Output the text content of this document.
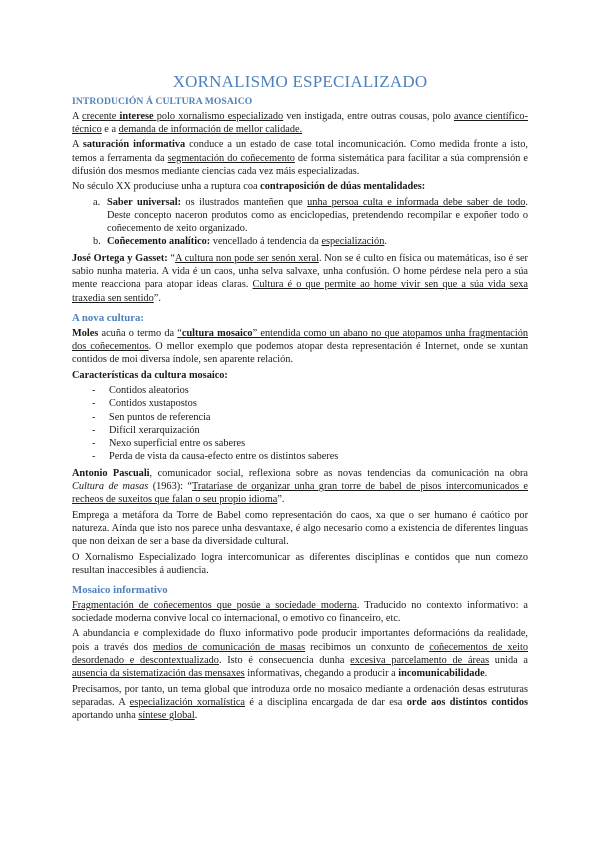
XORNALISMO ESPECIALIZADO
INTRODUCIÓN Á CULTURA MOSAICO

A crecente interese polo xornalismo especializado ven instigada, entre outras cousas, polo avance científico-técnico e a demanda de información de mellor calidade.

A saturación informativa conduce a un estado de case total incomunicación. Como medida fronte a isto, temos a ferramenta da segmentación do coñecemento de forma sistemática para facilitar a súa comprensión e difusión dos mesmos mediante ciencias cada vez máis especializadas.

No século XX produciuse unha a ruptura coa contraposición de dúas mentalidades:

a. Saber universal: os ilustrados manteñen que unha persoa culta e informada debe saber de todo. Deste concepto naceron produtos como as enciclopedias, pretendendo recompilar e expoñer todo o coñecemento de xeito organizado.
b. Coñecemento analítico: vencellado á tendencia da especialización.

José Ortega y Gasset: “A cultura non pode ser senón xeral. Non se é culto en física ou matemáticas, iso é ser sabio nunha materia. A vida é un caos, unha selva salvaxe, unha confusión. O home pérdese nela pero a súa mente reacciona para atopar ideas claras. Cultura é o que permite ao home vivir sen que a súa vida sexa traxedia sen sentido”.

A nova cultura:

Moles acuña o termo da “cultura mosaico” entendida como un abano no que atopamos unha fragmentación dos coñecementos. O mellor exemplo que podemos atopar desta representación é Internet, onde se xuntan contidos de moi diversa índole, sen aparente relación.

Características da cultura mosaico:

- Contidos aleatorios
- Contidos xustapostos
- Sen puntos de referencia
- Difícil xerarquización
- Nexo superficial entre os saberes
- Perda de vista da causa-efecto entre os distintos saberes

Antonio Pascuali, comunicador social, reflexiona sobre as novas tendencias da comunicación na obra Cultura de masas (1963): “Trataríase de organizar unha gran torre de babel de pisos intercomunicados e recheos de suxeitos que falan o seu propio idioma”.

Emprega a metáfora da Torre de Babel como representación do caos, xa que o ser humano é caótico por natureza. Aínda que isto nos parece unha desvantaxe, é algo necesario como a existencia de diferentes linguas que non deixan de ser a base da diversidade cultural.

O Xornalismo Especializado logra intercomunicar as diferentes disciplinas e contidos que nun comezo resultan inaccesibles á audiencia.

Mosaico informativo

Fragmentación de coñecementos que posúe a sociedade moderna. Traducido no contexto informativo: a sociedade moderna convive local co internacional, o emotivo co financeiro, etc.

A abundancia e complexidade do fluxo informativo pode producir importantes deformacións da realidade, pois a través dos medios de comunicación de masas recibimos un conxunto de coñecementos de xeito desordenado e descontextualizado. Isto é consecuencia dunha excesiva parcelamento de áreas unida a ausencia da sistematización das mensaxes informativas, chegando a producir a incomunicabilidade.

Precisamos, por tanto, un tema global que introduza orde no mosaico mediante a ordenación desas estruturas separadas. A especialización xornalística é a disciplina encargada de dar esa orde aos distintos contidos aportando unha síntese global.
